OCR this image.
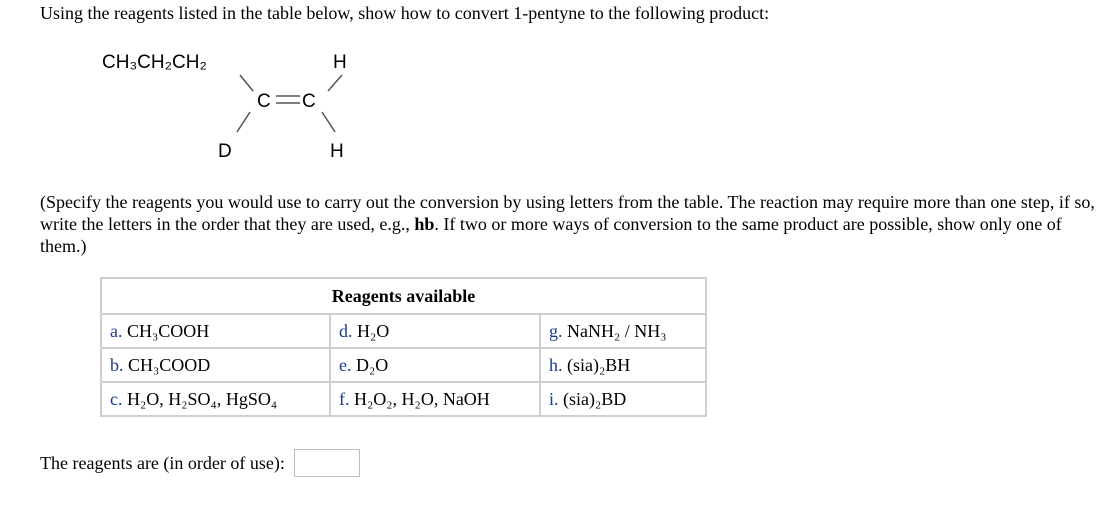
Using the reagents listed in the table below, show how to convert 1-pentyne to the following product:
CH₃CH₂CH₂	H
C C
D	H
(Specify the reagents you would use to carry out the conversion by using letters from the table. The reaction may require more than one step, if so, write the letters in the order that they are used, e.g., hb. If two or more ways of conversion to the same product are possible, show only one of them.)
Reagents available		
a. CH₃COOH	d. H₂O	g. NaNH₂ / NH₃
b. CH₃COOD	e. D₂O	h. (sia)₂BH
c. H₂O, H₂SO₄, HgSO₄	f. H₂O₂, H₂O, NaOH	i. (sia)₂BD
The reagents are (in order of use):
